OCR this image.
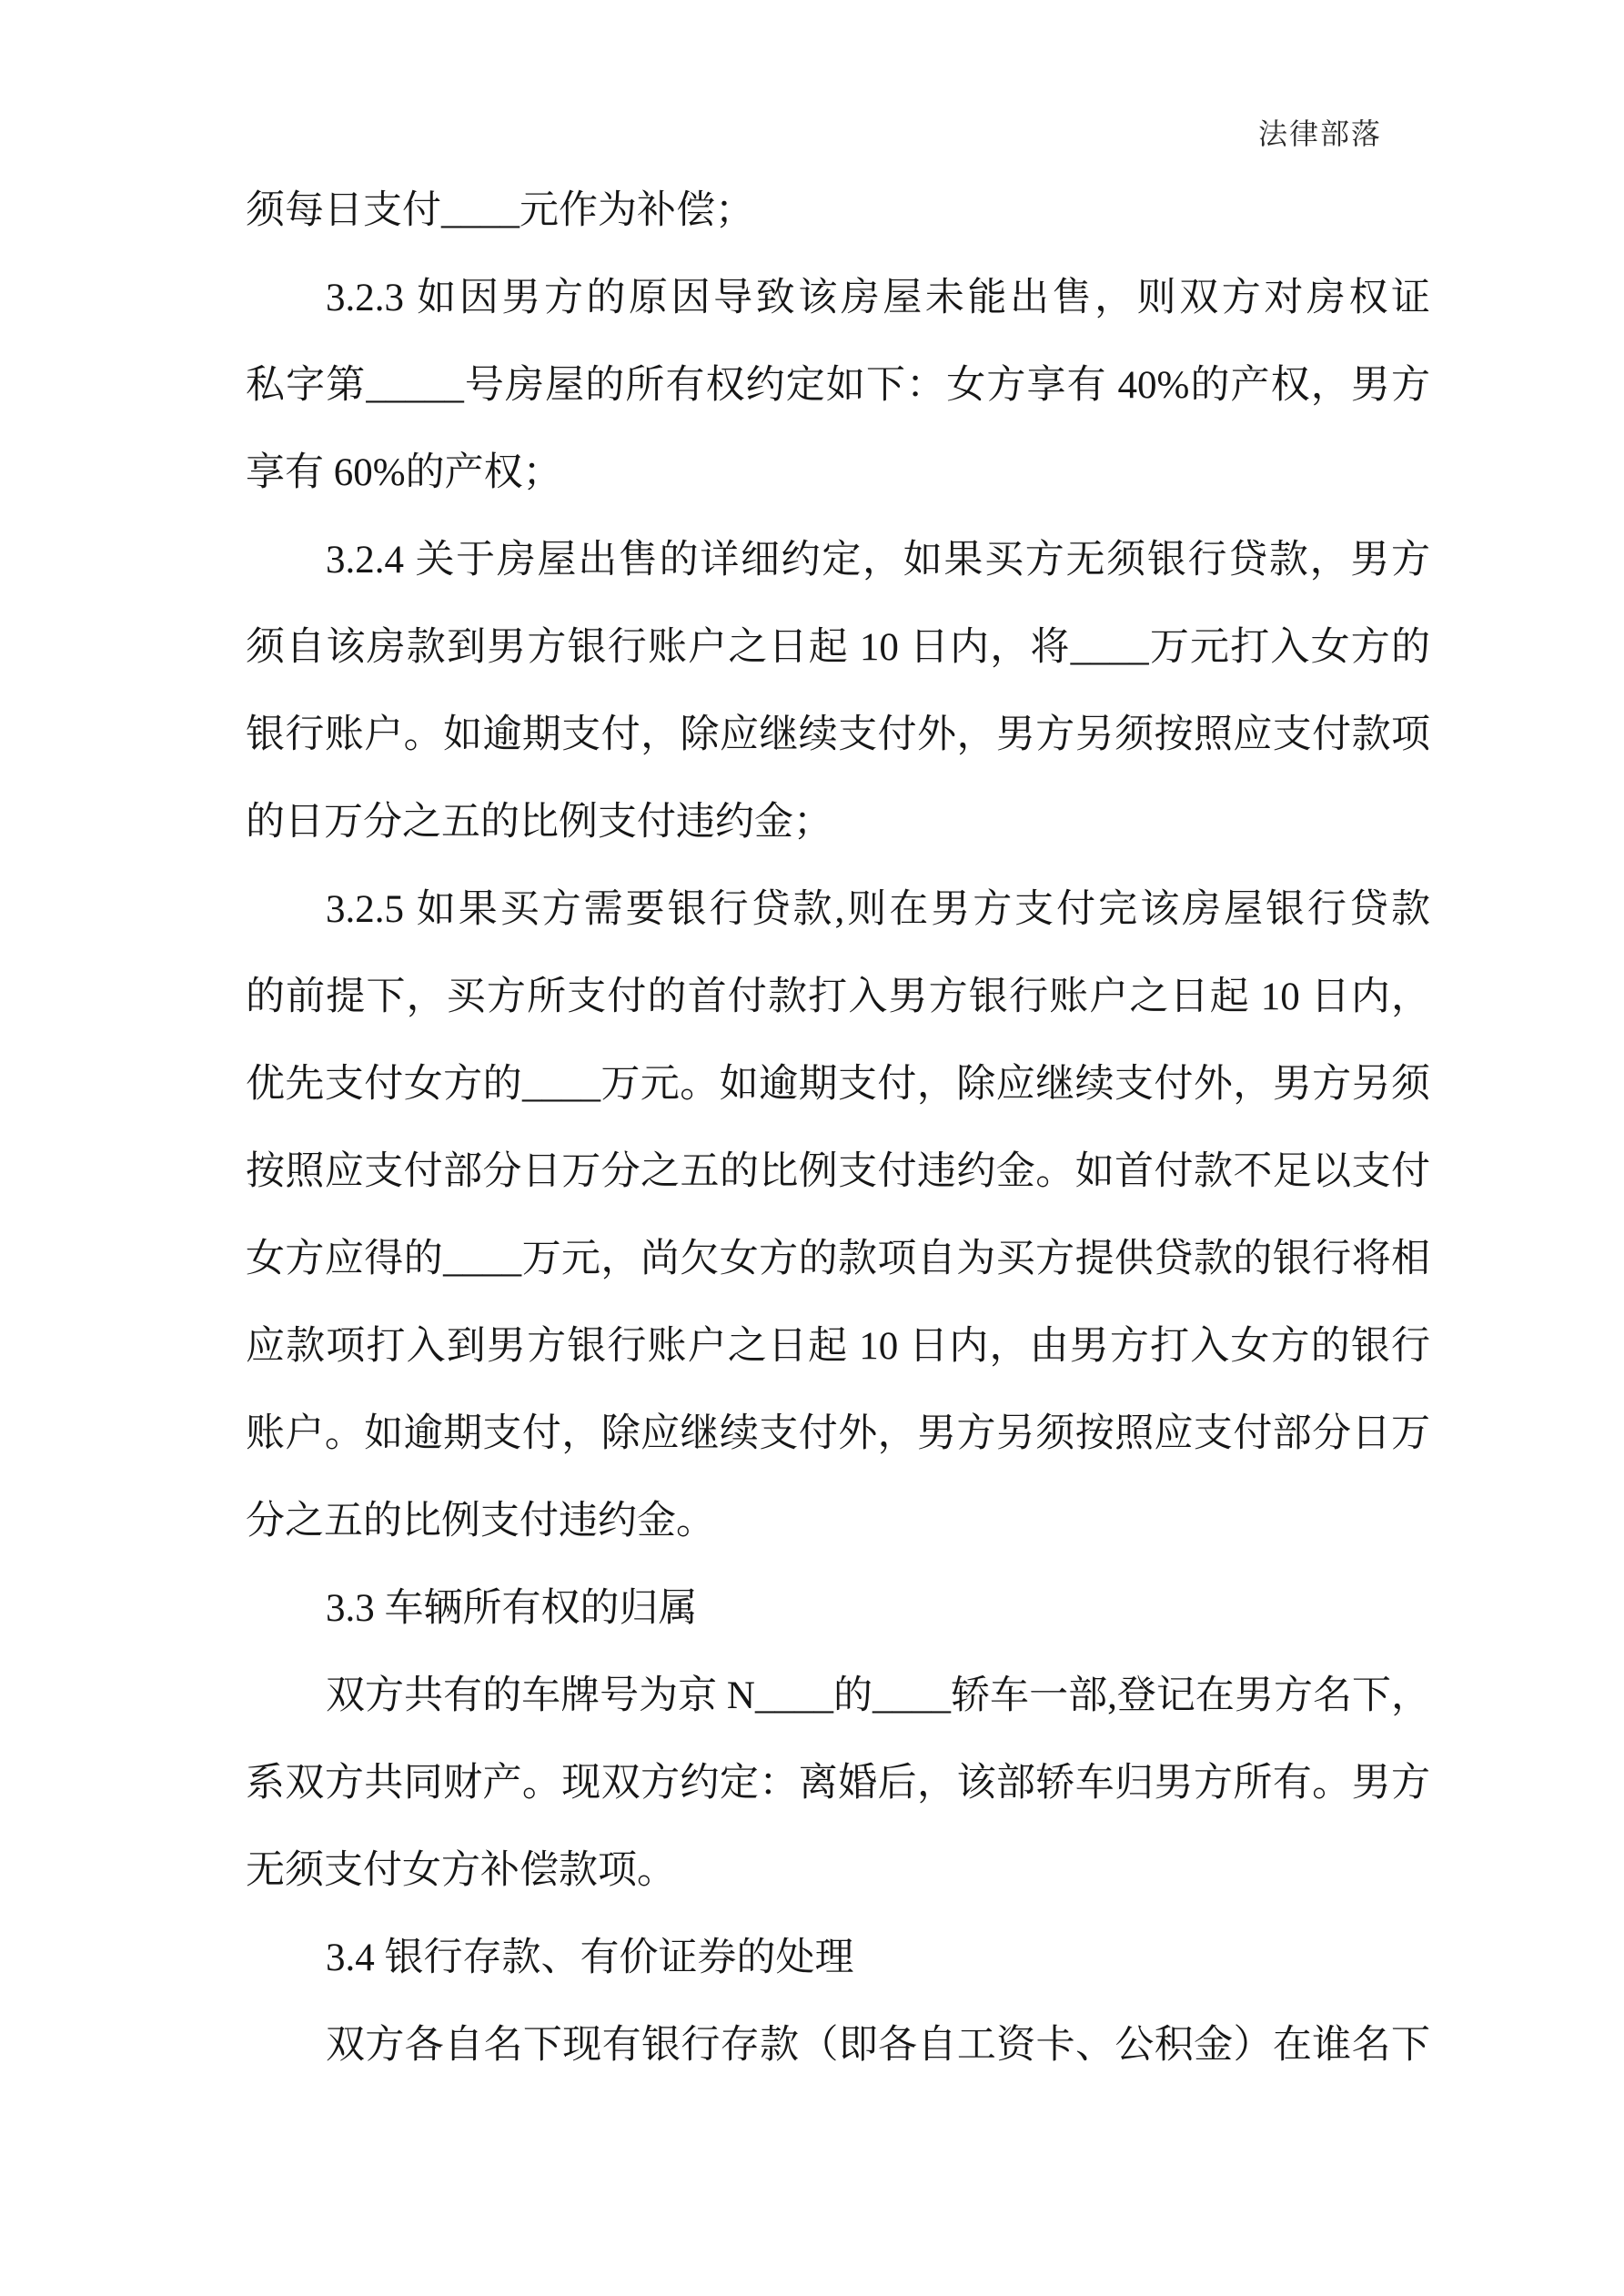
法律部落
须每日支付____元作为补偿；
3.2.3 如因男方的原因导致该房屋未能出售，则双方对房权证
私字第_____号房屋的所有权约定如下：女方享有 40%的产权，男方
享有 60%的产权；
3.2.4 关于房屋出售的详细约定，如果买方无须银行贷款，男方
须自该房款到男方银行账户之日起 10 日内，将____万元打入女方的
银行账户。如逾期支付，除应继续支付外，男方另须按照应支付款项
的日万分之五的比例支付违约金；
3.2.5 如果买方需要银行贷款,则在男方支付完该房屋银行贷款
的前提下，买方所支付的首付款打入男方银行账户之日起 10 日内，
优先支付女方的____万元。如逾期支付，除应继续支付外，男方另须
按照应支付部分日万分之五的比例支付违约金。如首付款不足以支付
女方应得的____万元，尚欠女方的款项自为买方提供贷款的银行将相
应款项打入到男方银行账户之日起 10 日内，由男方打入女方的银行
账户。如逾期支付，除应继续支付外，男方另须按照应支付部分日万
分之五的比例支付违约金。
3.3 车辆所有权的归属
双方共有的车牌号为京 N____的____轿车一部,登记在男方名下，
系双方共同财产。现双方约定：离婚后，该部轿车归男方所有。男方
无须支付女方补偿款项。
3.4 银行存款、有价证券的处理
双方各自名下现有银行存款（即各自工资卡、公积金）在谁名下
